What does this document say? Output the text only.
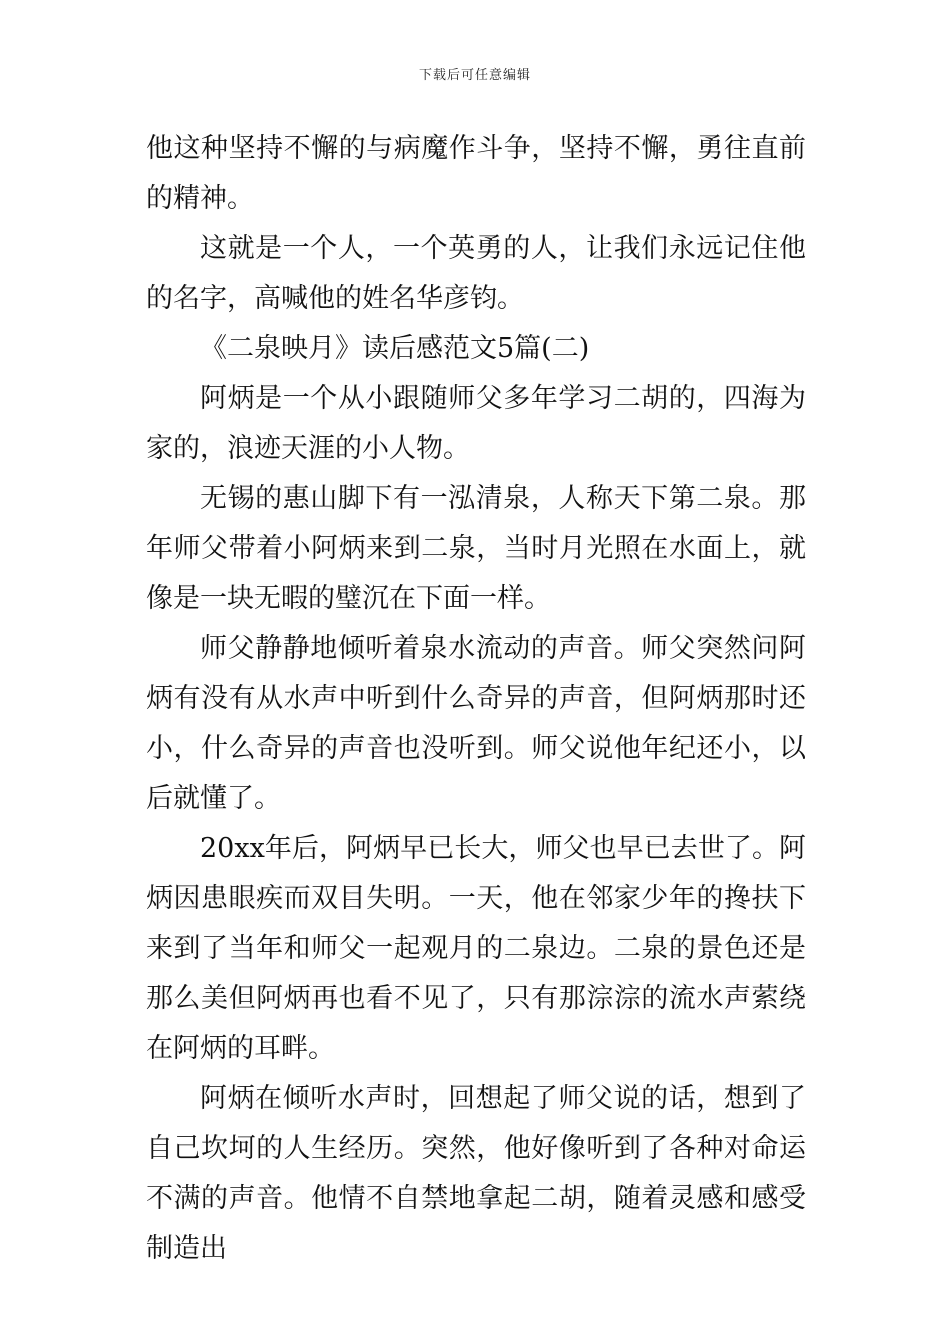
下载后可任意编辑

他这种坚持不懈的与病魔作斗争，坚持不懈，勇往直前的精神。

这就是一个人，一个英勇的人，让我们永远记住他的名字，高喊他的姓名华彦钧。

《二泉映月》读后感范文5篇(二)

阿炳是一个从小跟随师父多年学习二胡的，四海为家的，浪迹天涯的小人物。

无锡的惠山脚下有一泓清泉，人称天下第二泉。那年师父带着小阿炳来到二泉，当时月光照在水面上，就像是一块无暇的璧沉在下面一样。

师父静静地倾听着泉水流动的声音。师父突然问阿炳有没有从水声中听到什么奇异的声音，但阿炳那时还小，什么奇异的声音也没听到。师父说他年纪还小，以后就懂了。

20xx年后，阿炳早已长大，师父也早已去世了。阿炳因患眼疾而双目失明。一天，他在邻家少年的搀扶下来到了当年和师父一起观月的二泉边。二泉的景色还是那么美但阿炳再也看不见了，只有那淙淙的流水声萦绕在阿炳的耳畔。

阿炳在倾听水声时，回想起了师父说的话，想到了自己坎坷的人生经历。突然，他好像听到了各种对命运不满的声音。他情不自禁地拿起二胡，随着灵感和感受制造出
